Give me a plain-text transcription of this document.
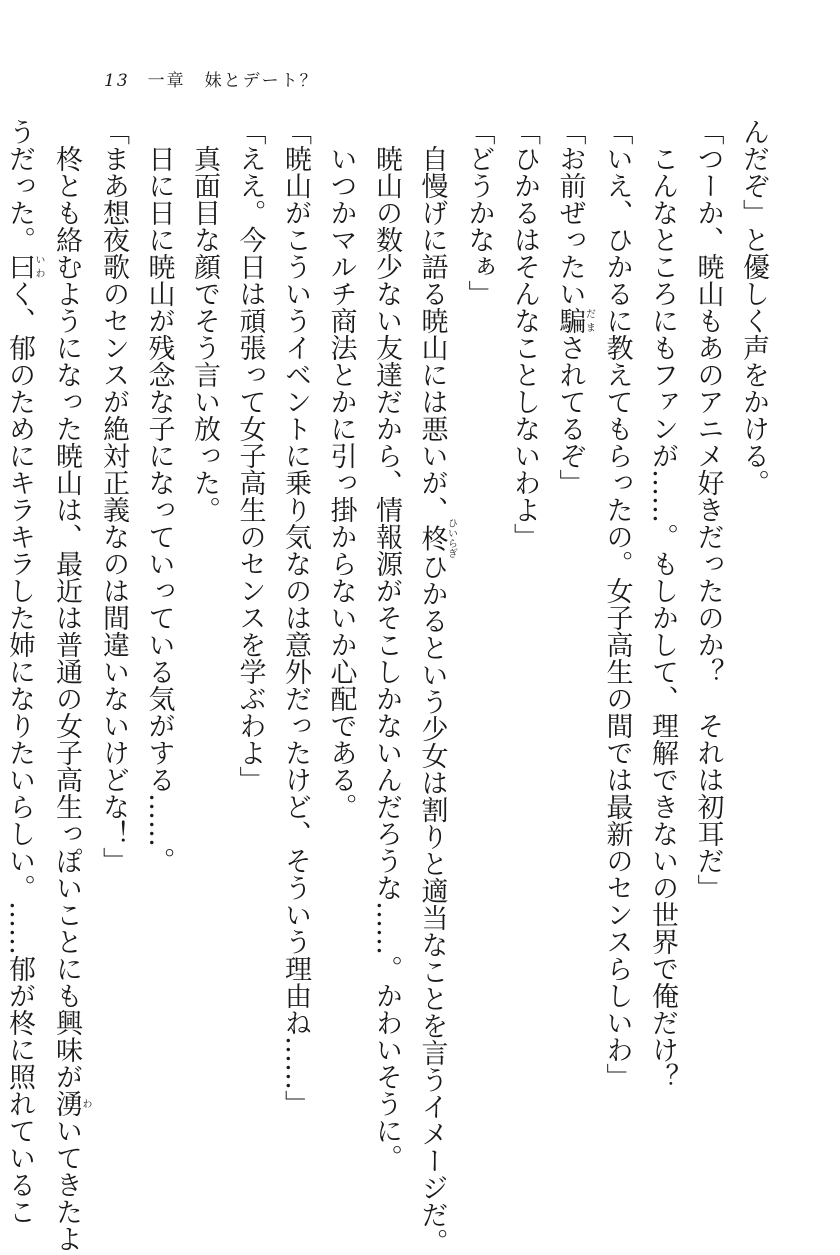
13 一章　妹とデート？
んだぞ」と優しく声をかける。
「つーか、暁山もあのアニメ好きだったのか？　それは初耳だ」
　こんなところにもファンが……。もしかして、理解できないの世界で俺だけ？
「いえ、ひかるに教えてもらったの。女子高生の間では最新のセンスらしいわ」
「お前ぜったい騙だまされてるぞ」
「ひかるはそんなことしないわよ」
「どうかなぁ」
　自慢げに語る暁山には悪いが、柊ひいらぎひかるという少女は割りと適当なことを言うイメージだ。
　暁山の数少ない友達だから、情報源がそこしかないんだろうな……。かわいそうに。
　いつかマルチ商法とかに引っ掛からないか心配である。
「暁山がこういうイベントに乗り気なのは意外だったけど、そういう理由ね……」
「ええ。今日は頑張って女子高生のセンスを学ぶわよ」
　真面目な顔でそう言い放った。
　日に日に暁山が残念な子になっていっている気がする……。
「まあ想夜歌のセンスが絶対正義なのは間違いないけどな！」
　柊とも絡むようになった暁山は、最近は普通の女子高生っぽいことにも興味が湧わいてきたよ
うだった。曰いわく、郁のためにキラキラした姉になりたいらしい。……郁が柊に照れているこ
